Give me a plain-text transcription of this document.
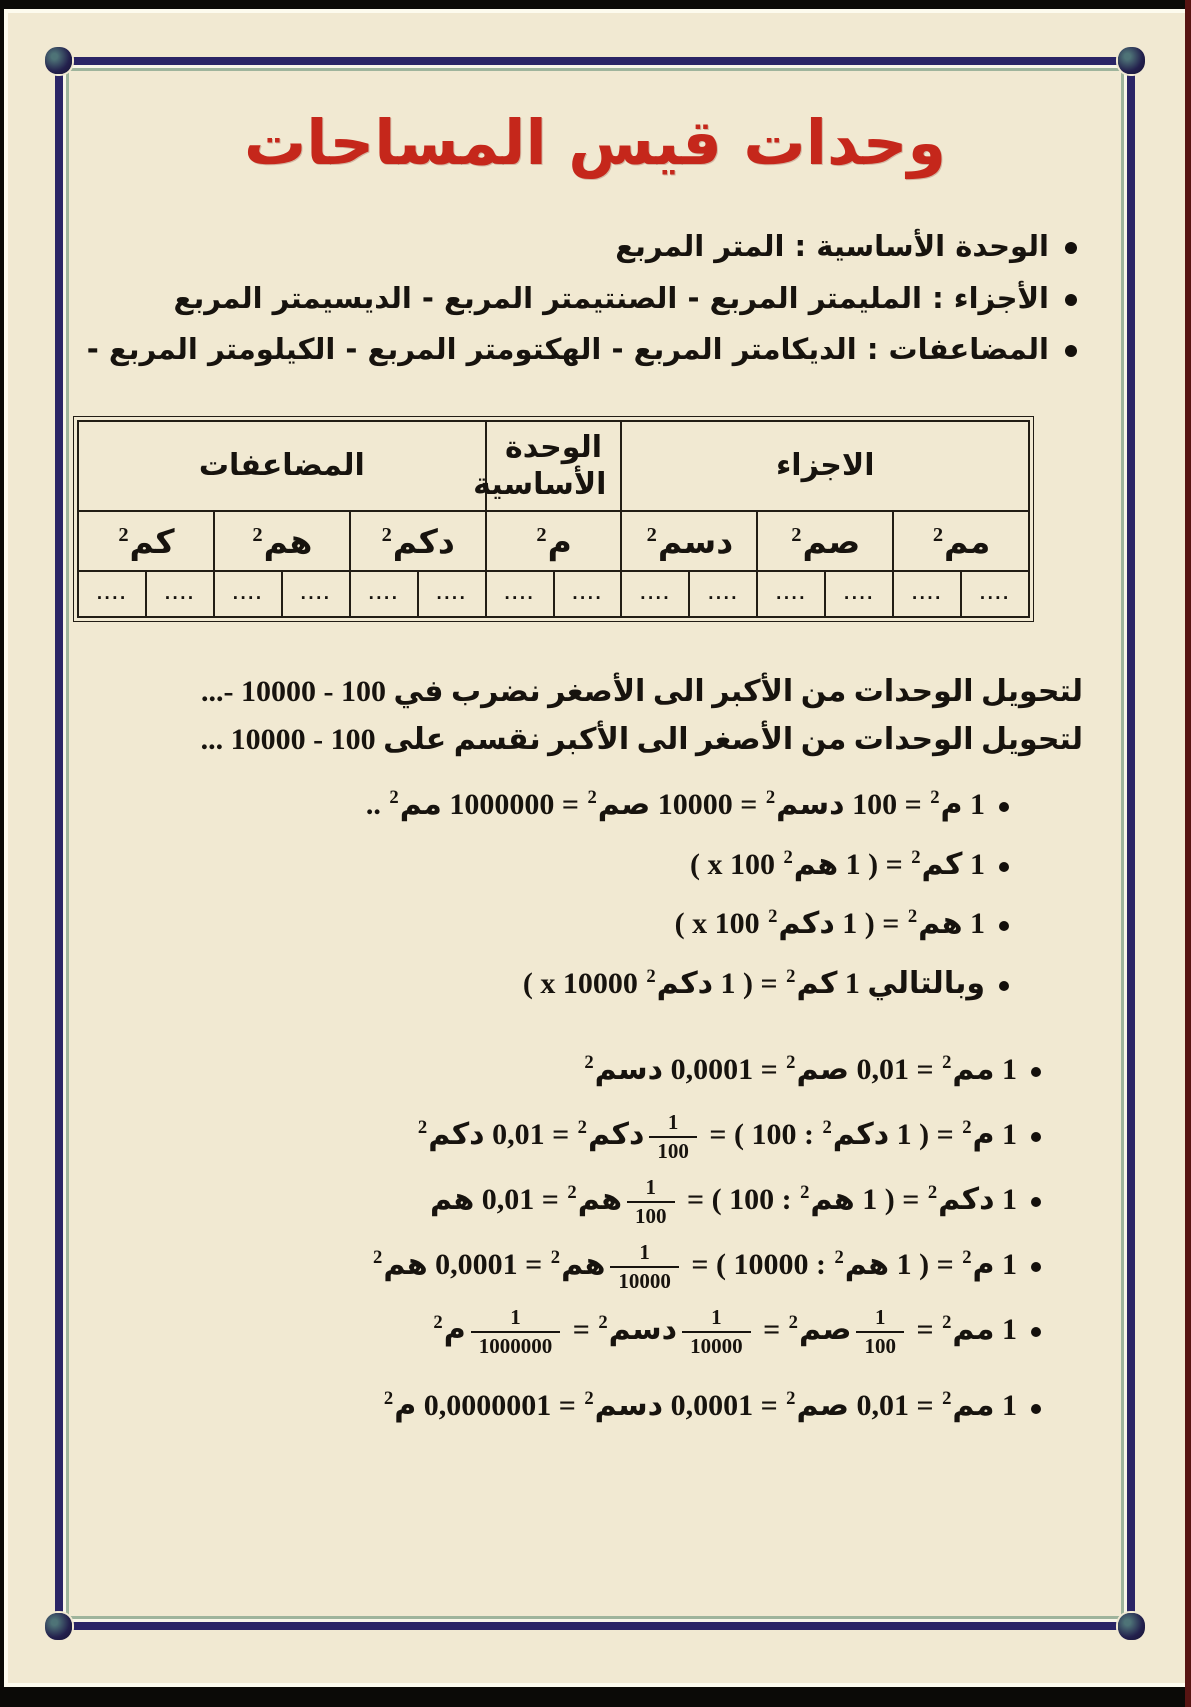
وحدات قيس المساحات
الوحدة الأساسية : المتر المربع
الأجزاء : المليمتر المربع - الصنتيمتر المربع - الديسيمتر المربع
المضاعفات : الديكامتر المربع - الهكتومتر المربع - الكيلومتر المربع -
الاجزاء						الوحدة الأساسية		المضاعفات					
مم$^2$		صم$^2$		دسم$^2$		م$^2$		دكم$^2$		هم$^2$		كم$^2$
....	....	....	....	....	....	....	....	....	....	....	....	....	....
لتحويل الوحدات من الأكبر الى الأصغر نضرب في 100 - 10000 -...
لتحويل الوحدات من الأصغر الى الأكبر نقسم على 100 - 10000 ...
1 م$^2$ = 100 دسم$^2$ = 10000 صم$^2$ = 1000000 مم$^2$ ..
1 كم$^2$ = ( 1 هم$^2$ x 100 )
1 هم$^2$ = ( 1 دكم$^2$ x 100 )
وبالتالي 1 كم$^2$ = ( 1 دكم$^2$ x 10000 )
1 مم$^2$ = 0,01 صم$^2$ = 0,0001 دسم$^2$
1 م$^2$ = ( 1 دكم$^2$ : 100 ) =
$\frac{1}{100}$
دكم$^2$ = 0,01 دكم$^2$
1 دكم$^2$ = ( 1 هم$^2$ : 100 ) =
$\frac{1}{100}$
هم$^2$ = 0,01 هم
1 م$^2$ = ( 1 هم$^2$ : 10000 ) =
$\frac{1}{10000}$
هم$^2$ = 0,0001 هم$^2$
1 مم$^2$ =
$\frac{1}{100}$
صم$^2$ =
$\frac{1}{10000}$
دسم$^2$ =
$\frac{1}{1000000}$
م$^2$
1 مم$^2$ = 0,01 صم$^2$ = 0,0001 دسم$^2$ = 0,0000001 م$^2$
